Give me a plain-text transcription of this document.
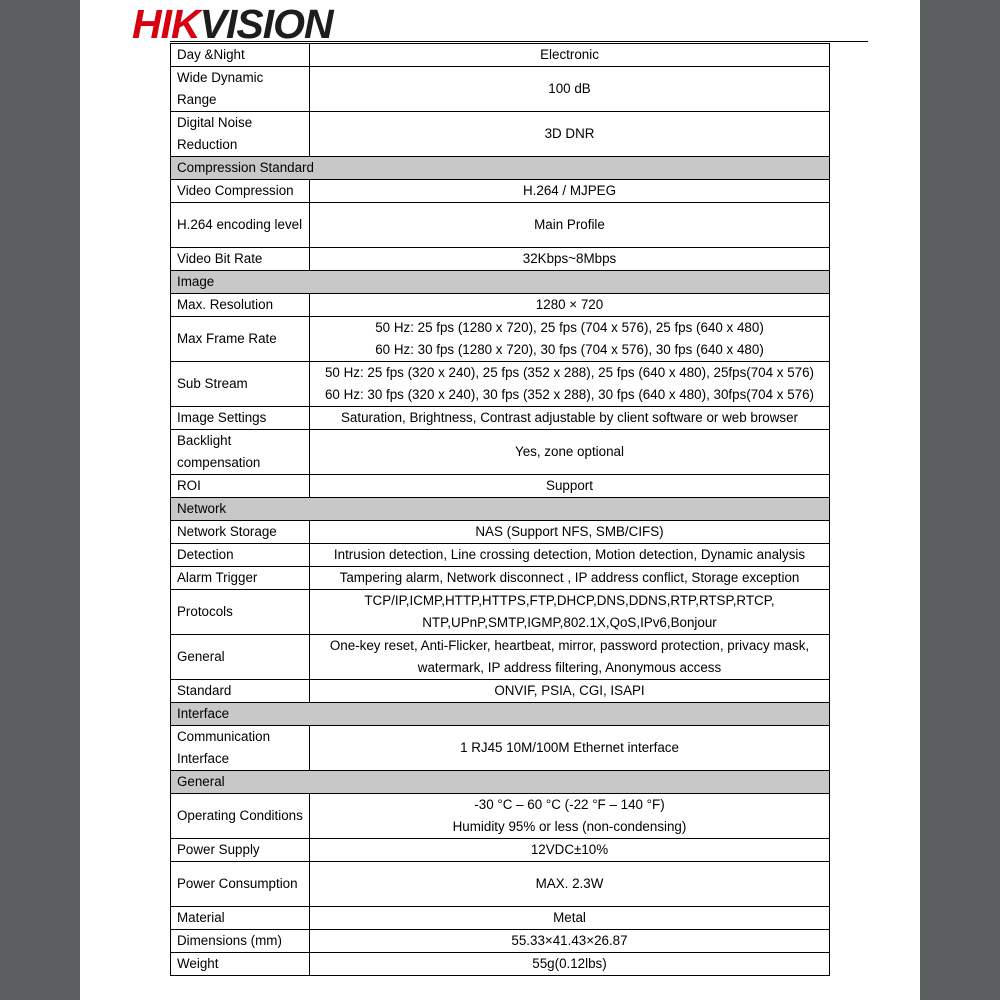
HIKVISION
Day &Night	Electronic
Wide Dynamic Range	100 dB
Digital Noise Reduction	3D DNR
Compression Standard	
Video Compression	H.264 / MJPEG
H.264 encoding level	Main Profile
Video Bit Rate	32Kbps~8Mbps
Image	
Max. Resolution	1280 × 720
Max Frame Rate	50 Hz: 25 fps (1280 x 720), 25 fps (704 x 576), 25 fps (640 x 480)
60 Hz: 30 fps (1280 x 720), 30 fps (704 x 576), 30 fps (640 x 480)
Sub Stream	50 Hz: 25 fps (320 x 240), 25 fps (352 x 288), 25 fps (640 x 480), 25fps(704 x 576)
60 Hz: 30 fps (320 x 240), 30 fps (352 x 288), 30 fps (640 x 480), 30fps(704 x 576)
Image Settings	Saturation, Brightness, Contrast adjustable by client software or web browser
Backlight compensation	Yes, zone optional
ROI	Support
Network	
Network Storage	NAS (Support NFS, SMB/CIFS)
Detection	Intrusion detection, Line crossing detection, Motion detection, Dynamic analysis
Alarm Trigger	Tampering alarm, Network disconnect , IP address conflict, Storage exception
Protocols	TCP/IP,ICMP,HTTP,HTTPS,FTP,DHCP,DNS,DDNS,RTP,RTSP,RTCP,
NTP,UPnP,SMTP,IGMP,802.1X,QoS,IPv6,Bonjour
General	One-key reset, Anti-Flicker, heartbeat, mirror, password protection, privacy mask,
watermark, IP address filtering, Anonymous access
Standard	ONVIF, PSIA, CGI, ISAPI
Interface	
Communication Interface	1 RJ45 10M/100M Ethernet interface
General	
Operating Conditions	-30 °C – 60 °C (-22 °F – 140 °F)
Humidity 95% or less (non-condensing)
Power Supply	12VDC±10%
Power Consumption	MAX. 2.3W
Material	Metal
Dimensions (mm)	55.33×41.43×26.87
Weight	55g(0.12lbs)
